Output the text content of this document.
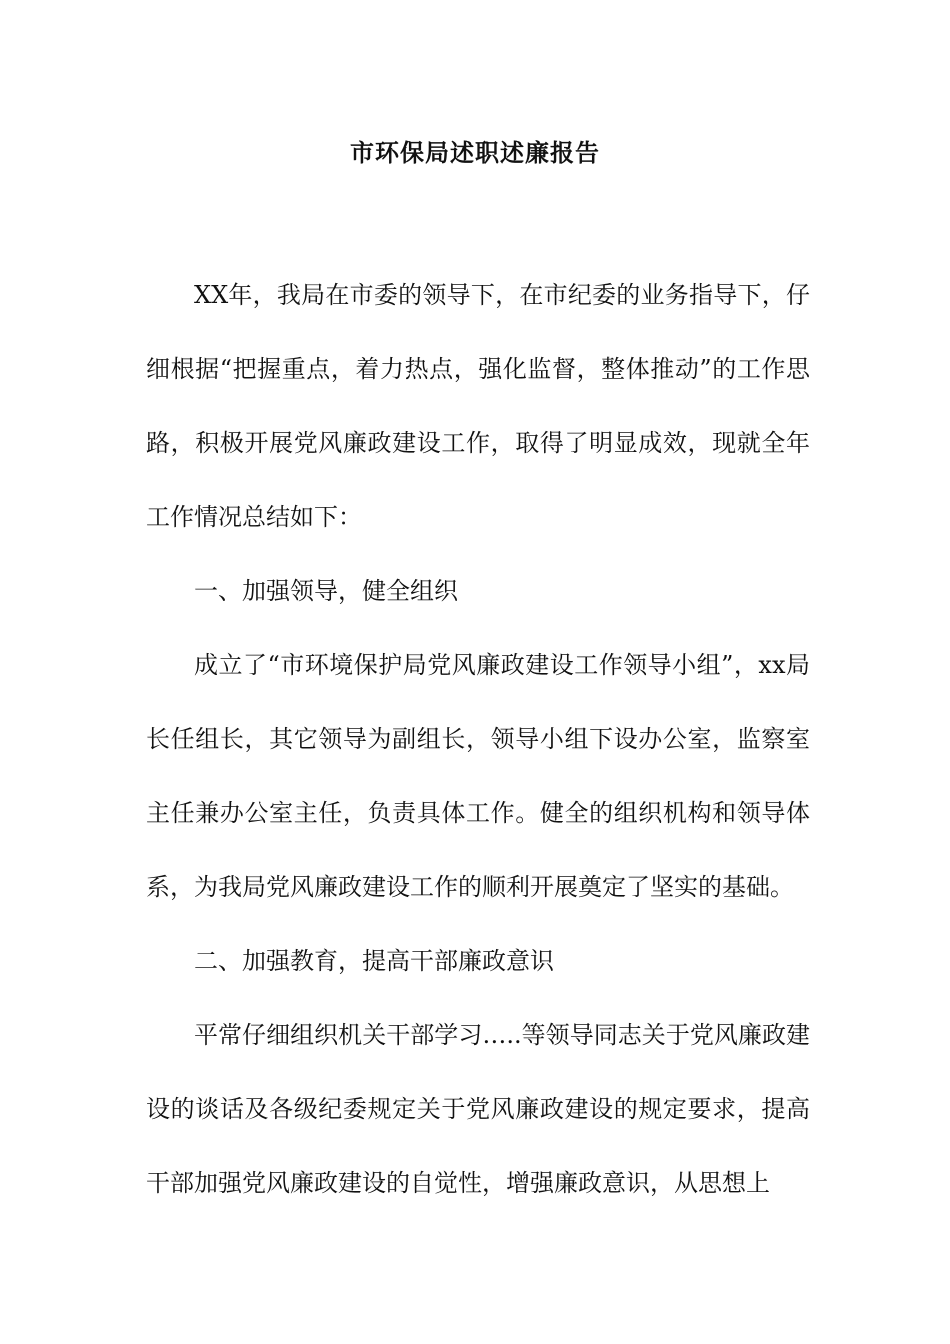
市环保局述职述廉报告

XX年，我局在市委的领导下，在市纪委的业务指导下，仔细根据“把握重点，着力热点，强化监督，整体推动”的工作思路，积极开展党风廉政建设工作，取得了明显成效，现就全年工作情况总结如下：

一、加强领导，健全组织

成立了“市环境保护局党风廉政建设工作领导小组”，xx局长任组长，其它领导为副组长，领导小组下设办公室，监察室主任兼办公室主任，负责具体工作。健全的组织机构和领导体系，为我局党风廉政建设工作的顺利开展奠定了坚实的基础。

二、加强教育，提高干部廉政意识

平常仔细组织机关干部学习…..等领导同志关于党风廉政建设的谈话及各级纪委规定关于党风廉政建设的规定要求，提高干部加强党风廉政建设的自觉性，增强廉政意识，从思想上
